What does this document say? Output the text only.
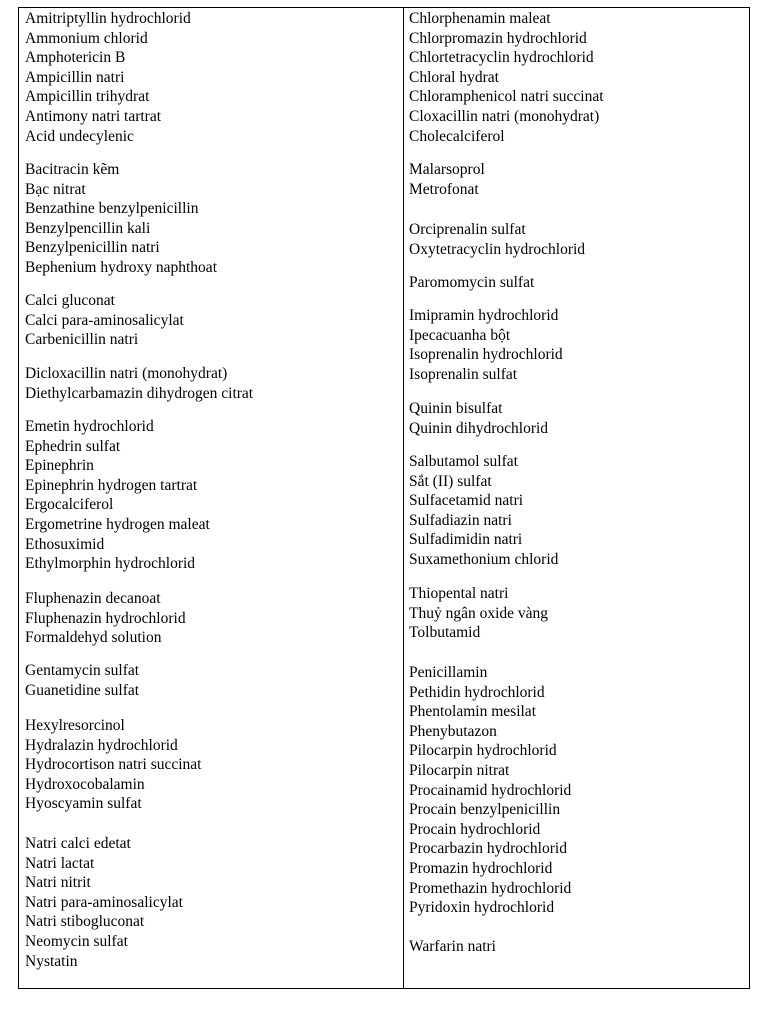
Amitriptyllin hydrochlorid
Ammonium chlorid
Amphotericin B
Ampicillin natri
Ampicillin trihydrat
Antimony natri tartrat
Acid undecylenic
Bacitracin kẽm
Bạc nitrat
Benzathine benzylpenicillin
Benzylpencillin kali
Benzylpenicillin natri
Bephenium hydroxy naphthoat
Calci gluconat
Calci para-aminosalicylat
Carbenicillin natri
Dicloxacillin natri (monohydrat)
Diethylcarbamazin dihydrogen citrat
Emetin hydrochlorid
Ephedrin sulfat
Epinephrin
Epinephrin hydrogen tartrat
Ergocalciferol
Ergometrine hydrogen maleat
Ethosuximid
Ethylmorphin hydrochlorid
Fluphenazin decanoat
Fluphenazin hydrochlorid
Formaldehyd solution
Gentamycin sulfat
Guanetidine sulfat
Hexylresorcinol
Hydralazin hydrochlorid
Hydrocortison natri succinat
Hydroxocobalamin
Hyoscyamin sulfat
Natri calci edetat
Natri lactat
Natri nitrit
Natri para-aminosalicylat
Natri stibogluconat
Neomycin sulfat
Nystatin
Chlorphenamin maleat
Chlorpromazin hydrochlorid
Chlortetracyclin hydrochlorid
Chloral hydrat
Chloramphenicol natri succinat
Cloxacillin natri (monohydrat)
Cholecalciferol
Malarsoprol
Metrofonat
Orciprenalin sulfat
Oxytetracyclin hydrochlorid
Paromomycin sulfat
Imipramin hydrochlorid
Ipecacuanha bột
Isoprenalin hydrochlorid
Isoprenalin sulfat
Quinin bisulfat
Quinin dihydrochlorid
Salbutamol sulfat
Sắt (II) sulfat
Sulfacetamid natri
Sulfadiazin natri
Sulfadimidin natri
Suxamethonium chlorid
Thiopental natri
Thuỷ ngân oxide vàng
Tolbutamid
Penicillamin
Pethidin hydrochlorid
Phentolamin mesilat
Phenybutazon
Pilocarpin hydrochlorid
Pilocarpin nitrat
Procainamid hydrochlorid
Procain benzylpenicillin
Procain hydrochlorid
Procarbazin hydrochlorid
Promazin hydrochlorid
Promethazin hydrochlorid
Pyridoxin hydrochlorid
Warfarin natri
